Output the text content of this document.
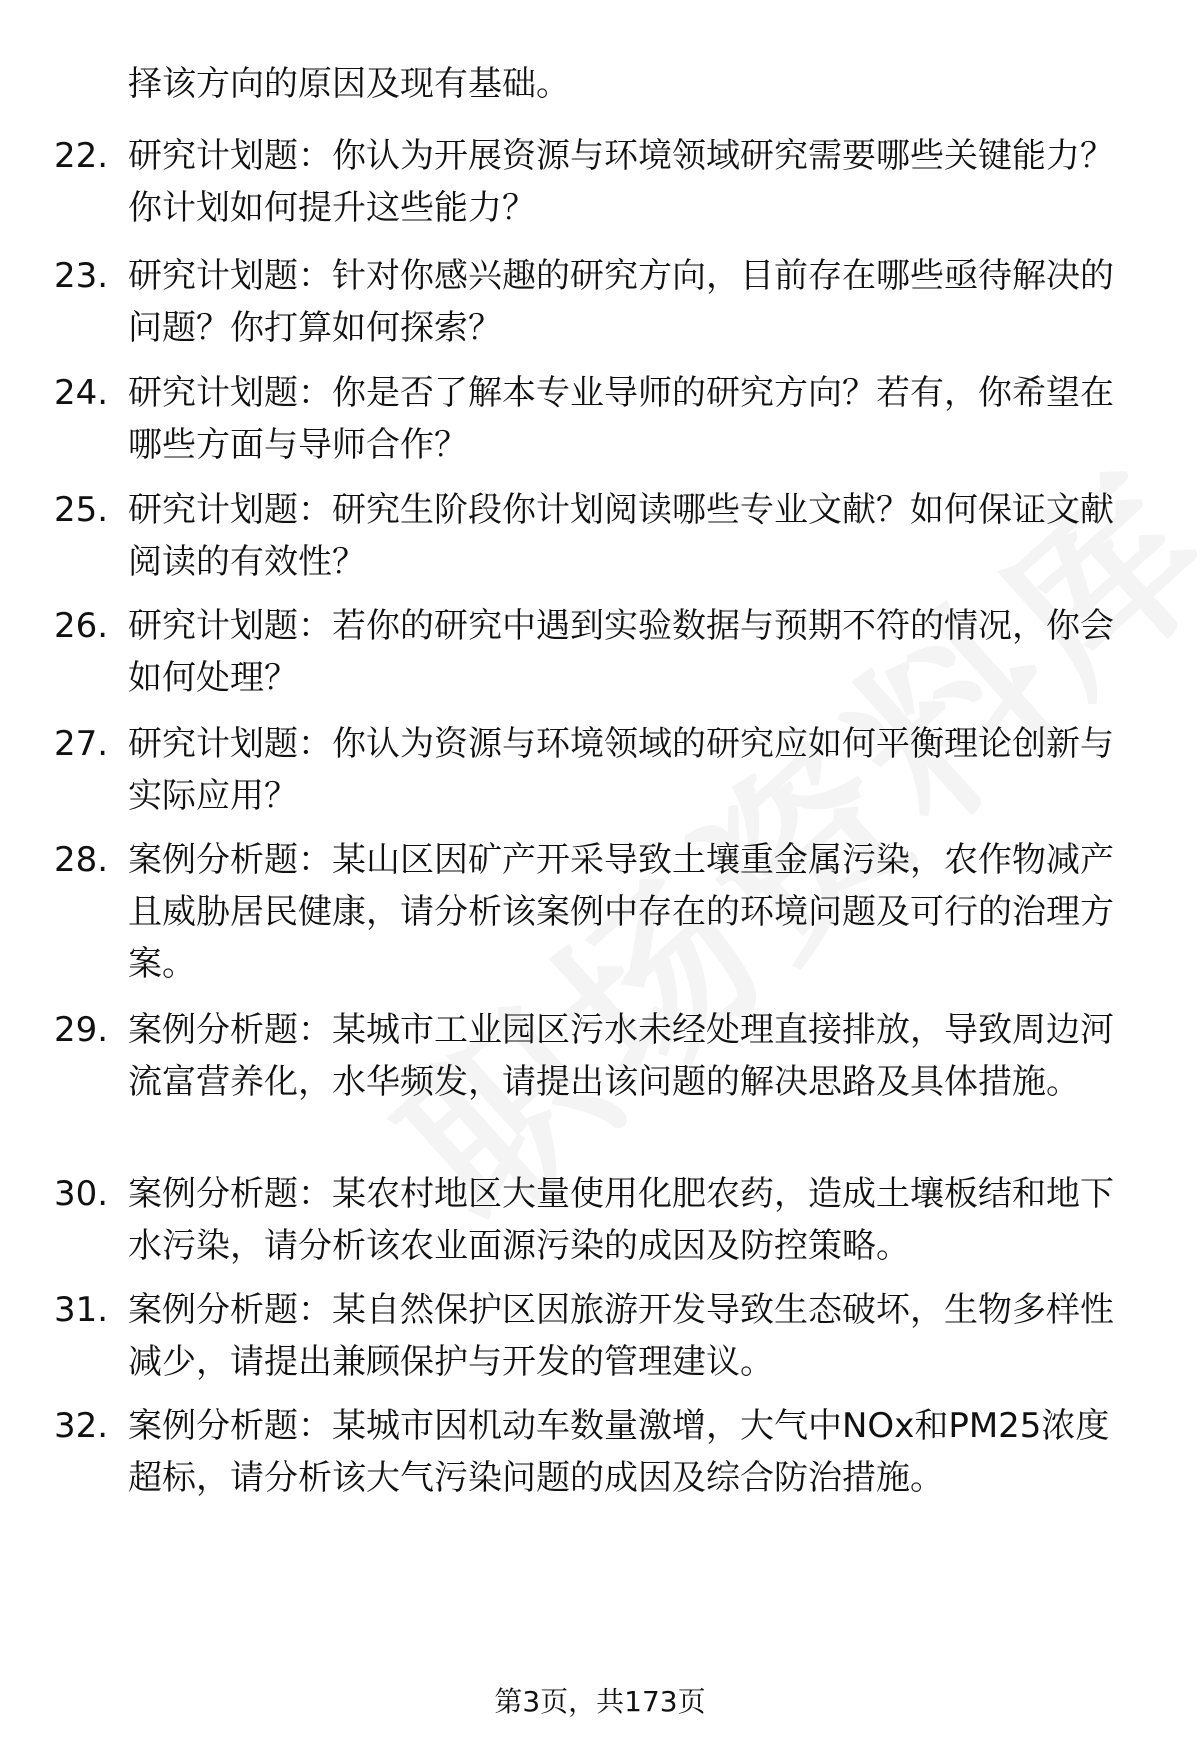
择该方向的原因及现有基础。
22. 研究计划题：你认为开展资源与环境领域研究需要哪些关键能力？你计划如何提升这些能力？
23. 研究计划题：针对你感兴趣的研究方向，目前存在哪些亟待解决的问题？你打算如何探索？
24. 研究计划题：你是否了解本专业导师的研究方向？若有，你希望在哪些方面与导师合作？
25. 研究计划题：研究生阶段你计划阅读哪些专业文献？如何保证文献阅读的有效性？
26. 研究计划题：若你的研究中遇到实验数据与预期不符的情况，你会如何处理？
27. 研究计划题：你认为资源与环境领域的研究应如何平衡理论创新与实际应用？
28. 案例分析题：某山区因矿产开采导致土壤重金属污染，农作物减产且威胁居民健康，请分析该案例中存在的环境问题及可行的治理方案。
29. 案例分析题：某城市工业园区污水未经处理直接排放，导致周边河流富营养化，水华频发，请提出该问题的解决思路及具体措施。
30. 案例分析题：某农村地区大量使用化肥农药，造成土壤板结和地下水污染，请分析该农业面源污染的成因及防控策略。
31. 案例分析题：某自然保护区因旅游开发导致生态破坏，生物多样性减少，请提出兼顾保护与开发的管理建议。
32. 案例分析题：某城市因机动车数量激增，大气中NOx和PM25浓度超标，请分析该大气污染问题的成因及综合防治措施。
第3页，共173页
